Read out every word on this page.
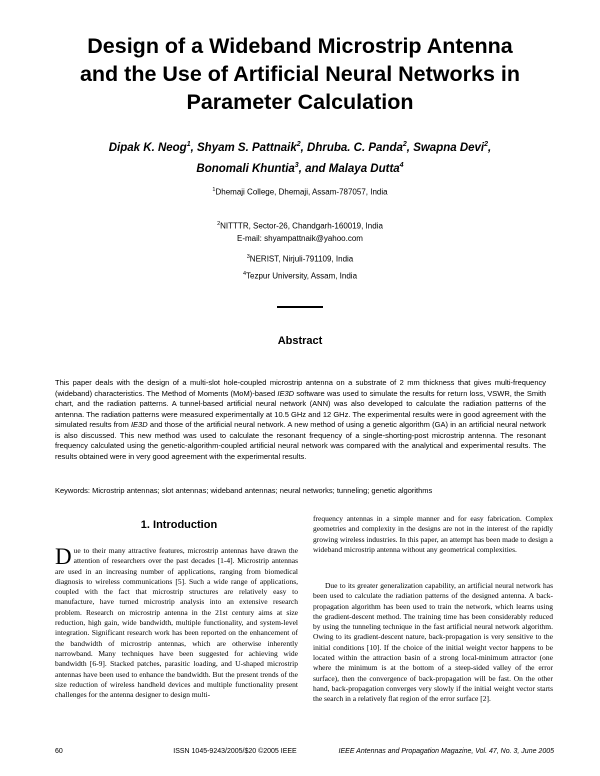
Design of a Wideband Microstrip Antenna
and the Use of Artificial Neural Networks in
Parameter Calculation
Dipak K. Neog$^1$, Shyam S. Pattnaik$^2$, Dhruba. C. Panda$^2$, Swapna Devi$^2$,
Bonomali Khuntia$^3$, and Malaya Dutta$^4$
$^1$Dhemaji College, Dhemaji, Assam-787057, India
$^2$NITTTR, Sector-26, Chandgarh-160019, India
E-mail: shyampattnaik@yahoo.com
$^3$NERIST, Nirjuli-791109, India
$^4$Tezpur University, Assam, India
Abstract

This paper deals with the design of a multi-slot hole-coupled microstrip antenna on a substrate of 2 mm thickness that gives multi-frequency (wideband) characteristics. The Method of Moments (MoM)-based IE3D software was used to simulate the results for return loss, VSWR, the Smith chart, and the radiation patterns. A tunnel-based artificial neural network (ANN) was also developed to calculate the radiation patterns of the antenna. The radiation patterns were measured experimentally at 10.5 GHz and 12 GHz. The experimental results were in good agreement with the simulated results from IE3D and those of the artificial neural network. A new method of using a genetic algorithm (GA) in an artificial neural network is also discussed. This new method was used to calculate the resonant frequency of a single-shorting-post microstrip antenna. The resonant frequency calculated using the genetic-algorithm-coupled artificial neural network was compared with the analytical and experimental results. The results obtained were in very good agreement with the experimental results.

Keywords: Microstrip antennas; slot antennas; wideband antennas; neural networks; tunneling; genetic algorithms
1. Introduction

Due to their many attractive features, microstrip antennas have drawn the attention of researchers over the past decades [1-4]. Microstrip antennas are used in an increasing number of applications, ranging from biomedical diagnosis to wireless communications [5]. Such a wide range of applications, coupled with the fact that microstrip structures are relatively easy to manufacture, have turned microstrip analysis into an extensive research problem. Research on microstrip antenna in the 21st century aims at size reduction, high gain, wide bandwidth, multiple functionality, and system-level integration. Significant research work has been reported on the enhancement of the bandwidth of microstrip antennas, which are otherwise inherently narrowband. Many techniques have been suggested for achieving wide bandwidth [6-9]. Stacked patches, parasitic loading, and U-shaped microstrip antennas have been used to enhance the bandwidth. But the present trends of the size reduction of wireless handheld devices and multiple functionality present challenges for the antenna designer to design multi-

frequency antennas in a simple manner and for easy fabrication. Complex geometries and complexity in the designs are not in the interest of the rapidly growing wireless industries. In this paper, an attempt has been made to design a wideband microstrip antenna without any geometrical complexities.

Due to its greater generalization capability, an artificial neural network has been used to calculate the radiation patterns of the designed antenna. A back-propagation algorithm has been used to train the network, which learns using the gradient-descent method. The training time has been considerably reduced by using the tunneling technique in the fast artificial neural network algorithm. Owing to its gradient-descent nature, back-propagation is very sensitive to the initial conditions [10]. If the choice of the initial weight vector happens to be located within the attraction basin of a strong local-minimum attractor (one where the minimum is at the bottom of a steep-sided valley of the error surface), then the convergence of back-propagation will be fast. On the other hand, back-propagation converges very slowly if the initial weight vector starts the search in a relatively flat region of the error surface [2].

60	ISSN 1045-9243/2005/$20 ©2005 IEEE	IEEE Antennas and Propagation Magazine, Vol. 47, No. 3, June 2005
